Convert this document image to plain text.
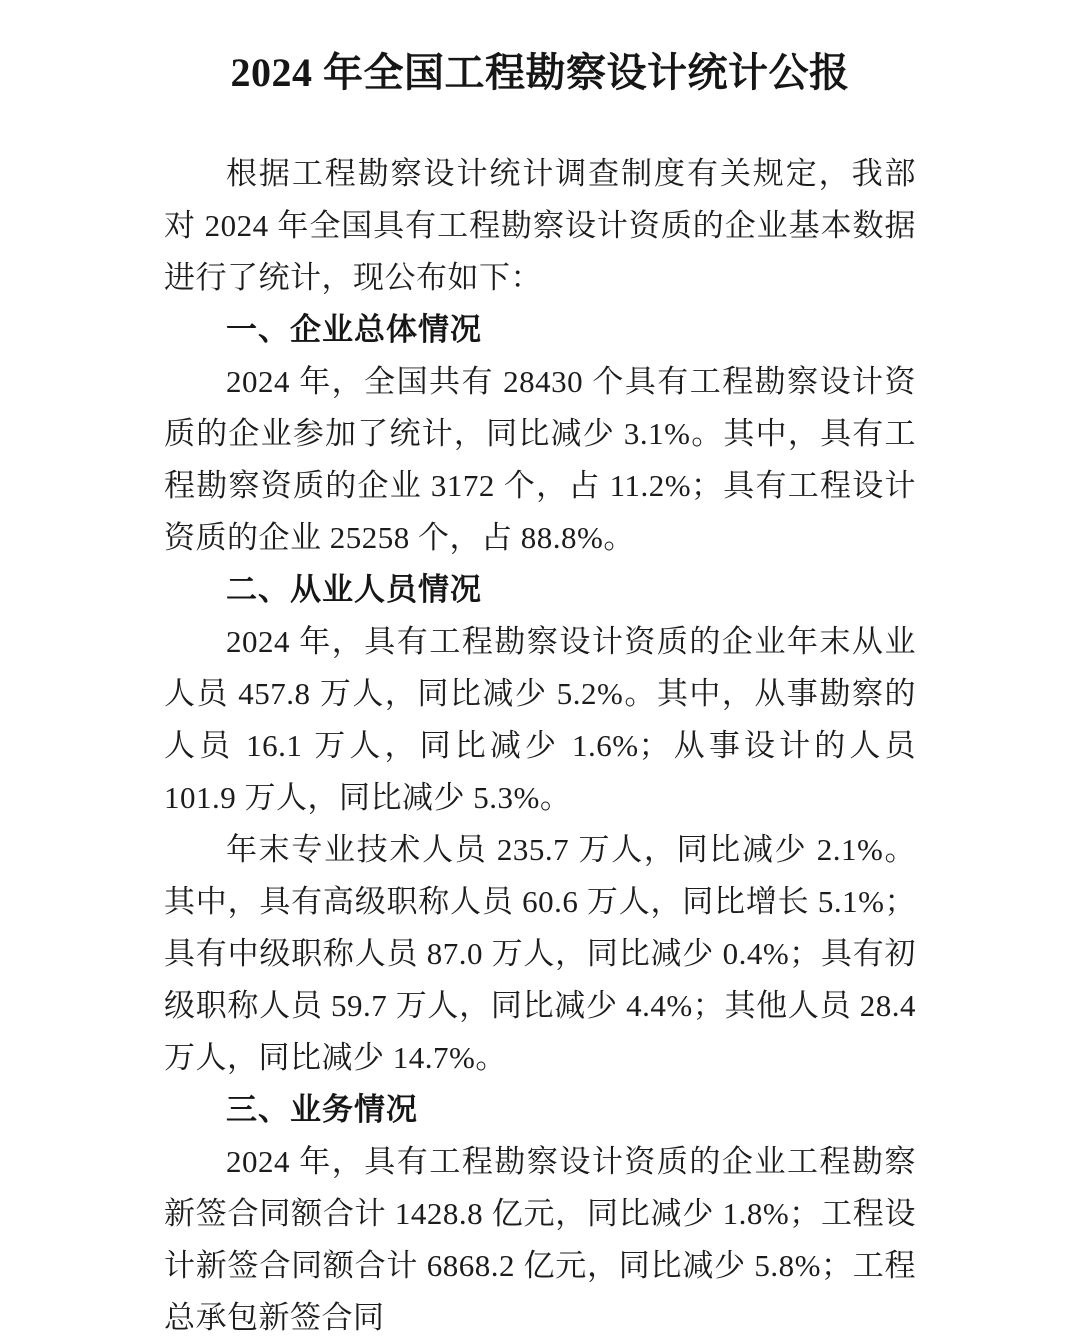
2024 年全国工程勘察设计统计公报

根据工程勘察设计统计调查制度有关规定，我部对 2024 年全国具有工程勘察设计资质的企业基本数据进行了统计，现公布如下：

一、企业总体情况

2024 年，全国共有 28430 个具有工程勘察设计资质的企业参加了统计，同比减少 3.1%。其中，具有工程勘察资质的企业 3172 个，占 11.2%；具有工程设计资质的企业 25258 个，占 88.8%。

二、从业人员情况

2024 年，具有工程勘察设计资质的企业年末从业人员 457.8 万人，同比减少 5.2%。其中，从事勘察的人员 16.1 万人，同比减少 1.6%；从事设计的人员 101.9 万人，同比减少 5.3%。

年末专业技术人员 235.7 万人，同比减少 2.1%。其中，具有高级职称人员 60.6 万人，同比增长 5.1%；具有中级职称人员 87.0 万人，同比减少 0.4%；具有初级职称人员 59.7 万人，同比减少 4.4%；其他人员 28.4 万人，同比减少 14.7%。

三、业务情况

2024 年，具有工程勘察设计资质的企业工程勘察新签合同额合计 1428.8 亿元，同比减少 1.8%；工程设计新签合同额合计 6868.2 亿元，同比减少 5.8%；工程总承包新签合同
